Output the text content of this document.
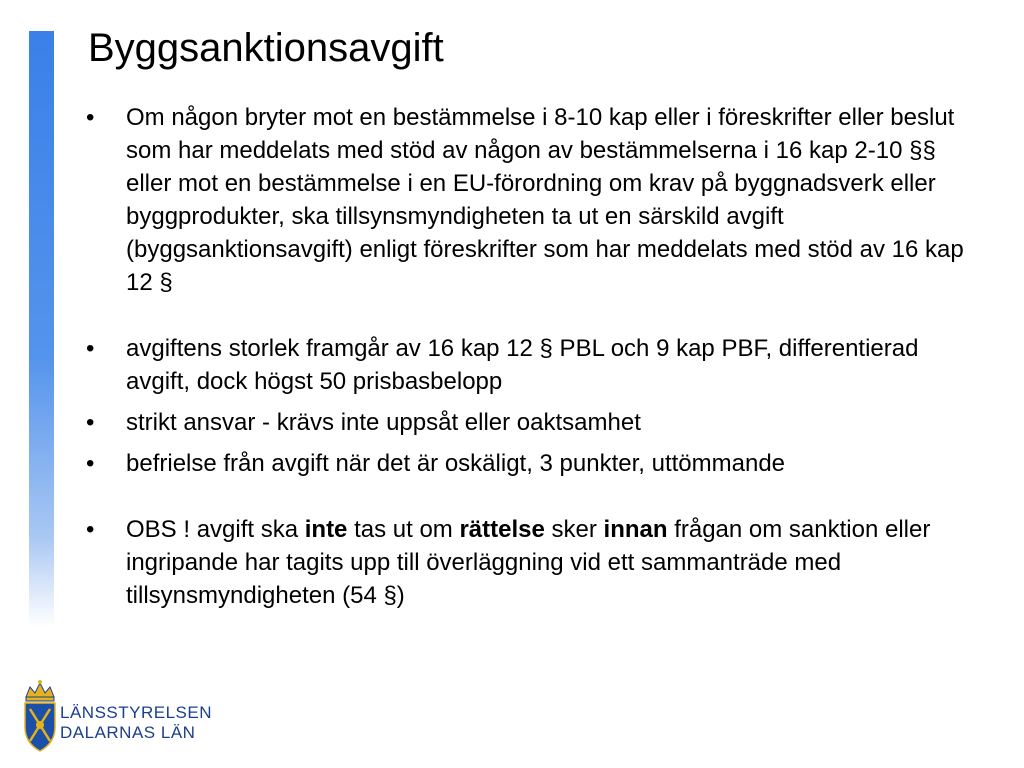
Byggsanktionsavgift
•	Om någon bryter mot en bestämmelse i 8-10 kap eller i föreskrifter eller beslut som har meddelats med stöd av någon av bestämmelserna i 16 kap 2-10 §§ eller mot en bestämmelse i en EU-förordning om krav på byggnadsverk eller byggprodukter, ska tillsynsmyndigheten ta ut en särskild avgift (byggsanktionsavgift) enligt föreskrifter som har meddelats med stöd av 16 kap 12 §
•	avgiftens storlek framgår av 16 kap 12 § PBL och 9 kap PBF, differentierad avgift, dock högst 50 prisbasbelopp
•	strikt ansvar - krävs inte uppsåt eller oaktsamhet
•	befrielse från avgift när det är oskäligt, 3 punkter, uttömmande
•	OBS ! avgift ska inte tas ut om rättelse sker innan frågan om sanktion eller ingripande har tagits upp till överläggning vid ett sammanträde med tillsynsmyndigheten (54 §)
LÄNSSTYRELSEN
DALARNAS LÄN
